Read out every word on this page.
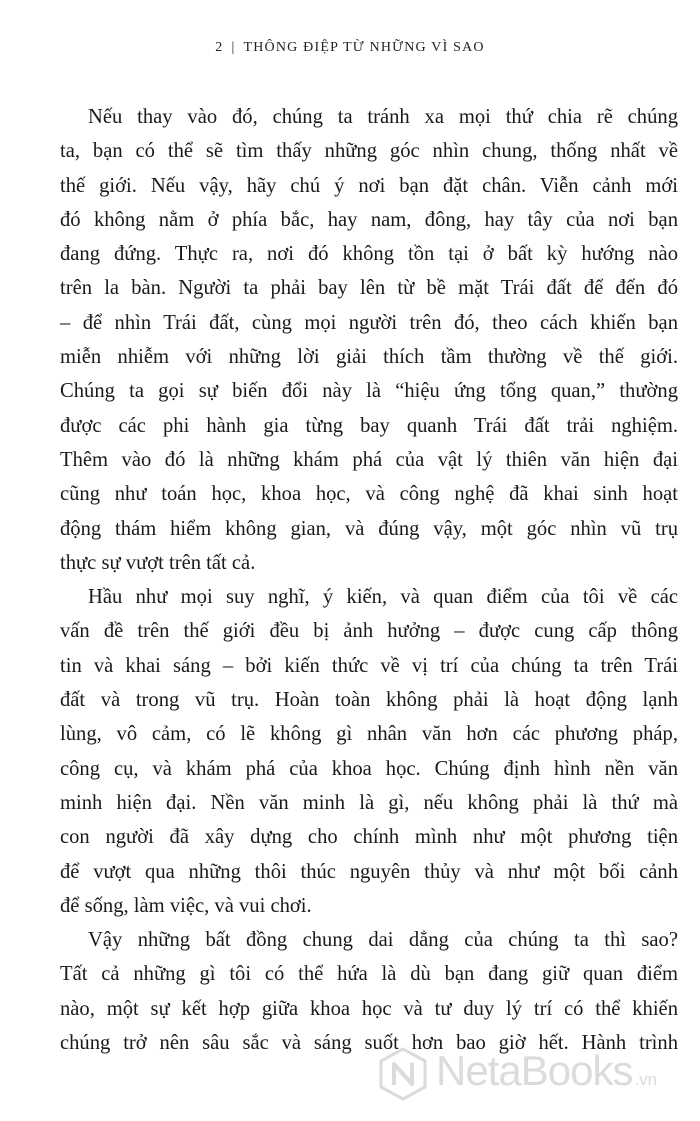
2 | THÔNG ĐIỆP TỪ NHỮNG VÌ SAO
Nếu thay vào đó, chúng ta tránh xa mọi thứ chia rẽ chúng
ta, bạn có thể sẽ tìm thấy những góc nhìn chung, thống nhất về
thế giới. Nếu vậy, hãy chú ý nơi bạn đặt chân. Viễn cảnh mới
đó không nằm ở phía bắc, hay nam, đông, hay tây của nơi bạn
đang đứng. Thực ra, nơi đó không tồn tại ở bất kỳ hướng nào
trên la bàn. Người ta phải bay lên từ bề mặt Trái đất để đến đó
– để nhìn Trái đất, cùng mọi người trên đó, theo cách khiến bạn
miễn nhiễm với những lời giải thích tầm thường về thế giới.
Chúng ta gọi sự biến đổi này là “hiệu ứng tổng quan,” thường
được các phi hành gia từng bay quanh Trái đất trải nghiệm.
Thêm vào đó là những khám phá của vật lý thiên văn hiện đại
cũng như toán học, khoa học, và công nghệ đã khai sinh hoạt
động thám hiểm không gian, và đúng vậy, một góc nhìn vũ trụ
thực sự vượt trên tất cả.
Hầu như mọi suy nghĩ, ý kiến, và quan điểm của tôi về các
vấn đề trên thế giới đều bị ảnh hưởng – được cung cấp thông
tin và khai sáng – bởi kiến thức về vị trí của chúng ta trên Trái
đất và trong vũ trụ. Hoàn toàn không phải là hoạt động lạnh
lùng, vô cảm, có lẽ không gì nhân văn hơn các phương pháp,
công cụ, và khám phá của khoa học. Chúng định hình nền văn
minh hiện đại. Nền văn minh là gì, nếu không phải là thứ mà
con người đã xây dựng cho chính mình như một phương tiện
để vượt qua những thôi thúc nguyên thủy và như một bối cảnh
để sống, làm việc, và vui chơi.
Vậy những bất đồng chung dai dẳng của chúng ta thì sao?
Tất cả những gì tôi có thể hứa là dù bạn đang giữ quan điểm
nào, một sự kết hợp giữa khoa học và tư duy lý trí có thể khiến
chúng trở nên sâu sắc và sáng suốt hơn bao giờ hết. Hành trình
NetaBooks .vn
